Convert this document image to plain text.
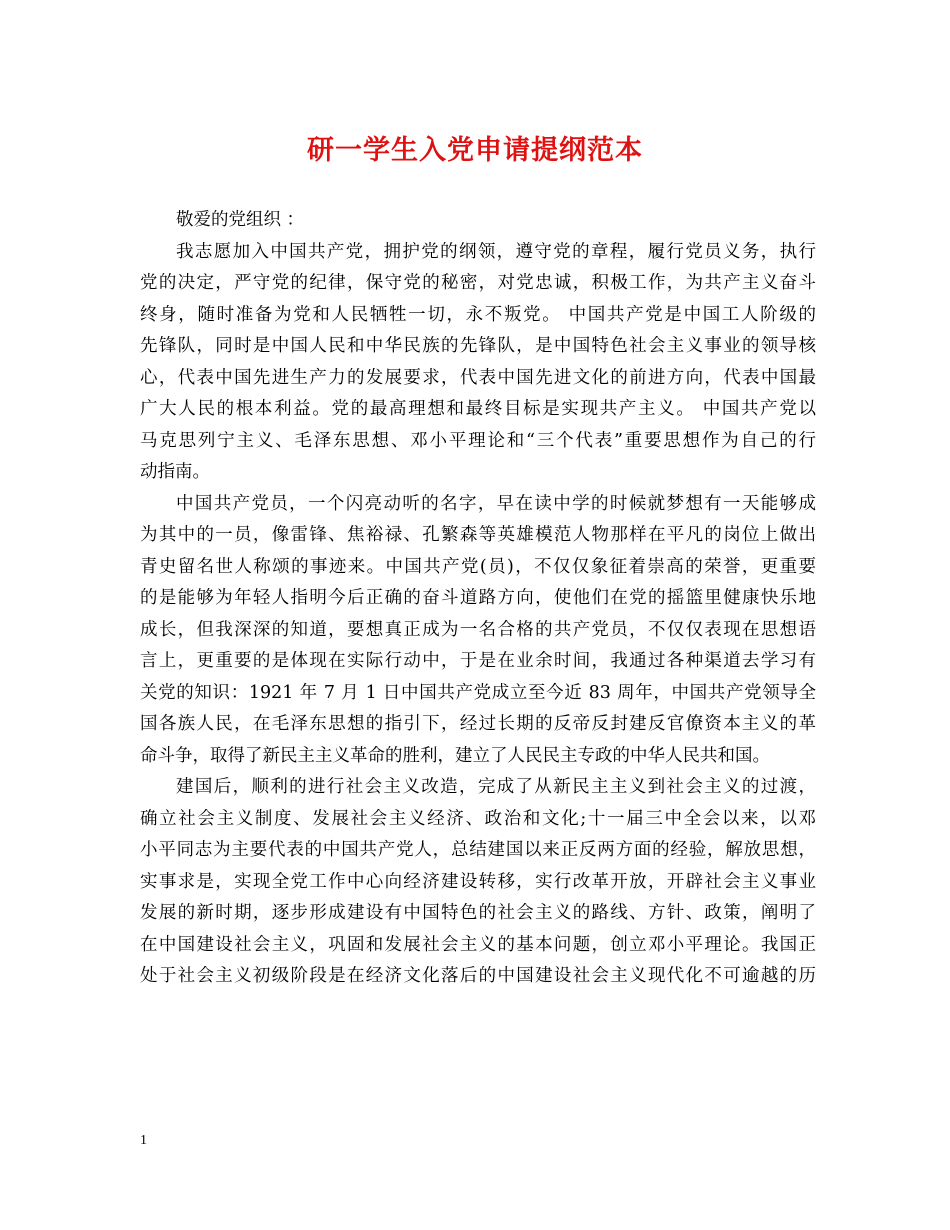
研一学生入党申请提纲范本
敬爱的党组织 ：
我志愿加入中国共产党，拥护党的纲领，遵守党的章程，履行党员义务，执行
党的决定，严守党的纪律，保守党的秘密，对党忠诚，积极工作，为共产主义奋斗
终身，随时准备为党和人民牺牲一切，永不叛党。 中国共产党是中国工人阶级的
先锋队，同时是中国人民和中华民族的先锋队，是中国特色社会主义事业的领导核
心，代表中国先进生产力的发展要求，代表中国先进文化的前进方向，代表中国最
广大人民的根本利益。党的最高理想和最终目标是实现共产主义。 中国共产党以
马克思列宁主义、毛泽东思想、邓小平理论和“三个代表”重要思想作为自己的行
动指南。
中国共产党员，一个闪亮动听的名字，早在读中学的时候就梦想有一天能够成
为其中的一员，像雷锋、焦裕禄、孔繁森等英雄模范人物那样在平凡的岗位上做出
青史留名世人称颂的事迹来。中国共产党(员)，不仅仅象征着崇高的荣誉，更重要
的是能够为年轻人指明今后正确的奋斗道路方向，使他们在党的摇篮里健康快乐地
成长，但我深深的知道，要想真正成为一名合格的共产党员，不仅仅表现在思想语
言上，更重要的是体现在实际行动中，于是在业余时间，我通过各种渠道去学习有
关党的知识：1921 年 7 月 1 日中国共产党成立至今近 83 周年，中国共产党领导全
国各族人民，在毛泽东思想的指引下，经过长期的反帝反封建反官僚资本主义的革
命斗争，取得了新民主主义革命的胜利，建立了人民民主专政的中华人民共和国。
建国后，顺利的进行社会主义改造，完成了从新民主主义到社会主义的过渡，
确立社会主义制度、发展社会主义经济、政治和文化;十一届三中全会以来，以邓
小平同志为主要代表的中国共产党人，总结建国以来正反两方面的经验，解放思想，
实事求是，实现全党工作中心向经济建设转移，实行改革开放，开辟社会主义事业
发展的新时期，逐步形成建设有中国特色的社会主义的路线、方针、政策，阐明了
在中国建设社会主义，巩固和发展社会主义的基本问题，创立邓小平理论。我国正
处于社会主义初级阶段是在经济文化落后的中国建设社会主义现代化不可逾越的历
1
